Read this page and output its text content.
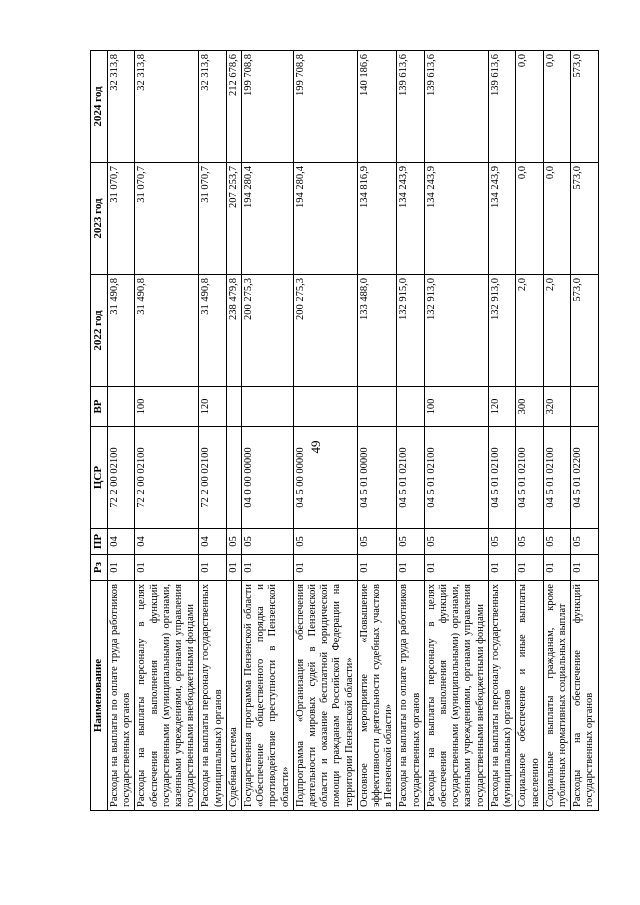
49
Наименование	Рз	ПР	ЦСР	ВР	2022 год	2023 год	2024 год
Расходы на выплаты по оплате труда работников государственных органов	01	04	72 2 00 02100		31 490,8	31 070,7	32 313,8
Расходы на выплаты персоналу в целях обеспечения выполнения функций государственными (муниципальными) органами, казенными учреждениями, органами управления государственными внебюджетными фондами	01	04	72 2 00 02100	100	31 490,8	31 070,7	32 313,8
Расходы на выплаты персоналу государственных (муниципальных) органов	01	04	72 2 00 02100	120	31 490,8	31 070,7	32 313,8
Судебная система	01	05			238 479,8	207 253,7	212 678,6
Государственная программа Пензенской области «Обеспечение общественного порядка и противодействие преступности в Пензенской области»	01	05	04 0 00 00000		200 275,3	194 280,4	199 708,8
Подпрограмма «Организация обеспечения деятельности мировых судей в Пензенской области и оказание бесплатной юридической помощи гражданам Российской Федерации на территории Пензенской области»	01	05	04 5 00 00000		200 275,3	194 280,4	199 708,8
Основное мероприятие «Повышение эффективности деятельности судебных участков в Пензенской области»	01	05	04 5 01 00000		133 488,0	134 816,9	140 186,6
Расходы на выплаты по оплате труда работников государственных органов	01	05	04 5 01 02100		132 915,0	134 243,9	139 613,6
Расходы на выплаты персоналу в целях обеспечения выполнения функций государственными (муниципальными) органами, казенными учреждениями, органами управления государственными внебюджетными фондами	01	05	04 5 01 02100	100	132 913,0	134 243,9	139 613,6
Расходы на выплаты персоналу государственных (муниципальных) органов	01	05	04 5 01 02100	120	132 913,0	134 243,9	139 613,6
Социальное обеспечение и иные выплаты населению	01	05	04 5 01 02100	300	2,0	0,0	0,0
Социальные выплаты гражданам, кроме публичных нормативных социальных выплат	01	05	04 5 01 02100	320	2,0	0,0	0,0
Расходы на обеспечение функций государственных органов	01	05	04 5 01 02200		573,0	573,0	573,0
